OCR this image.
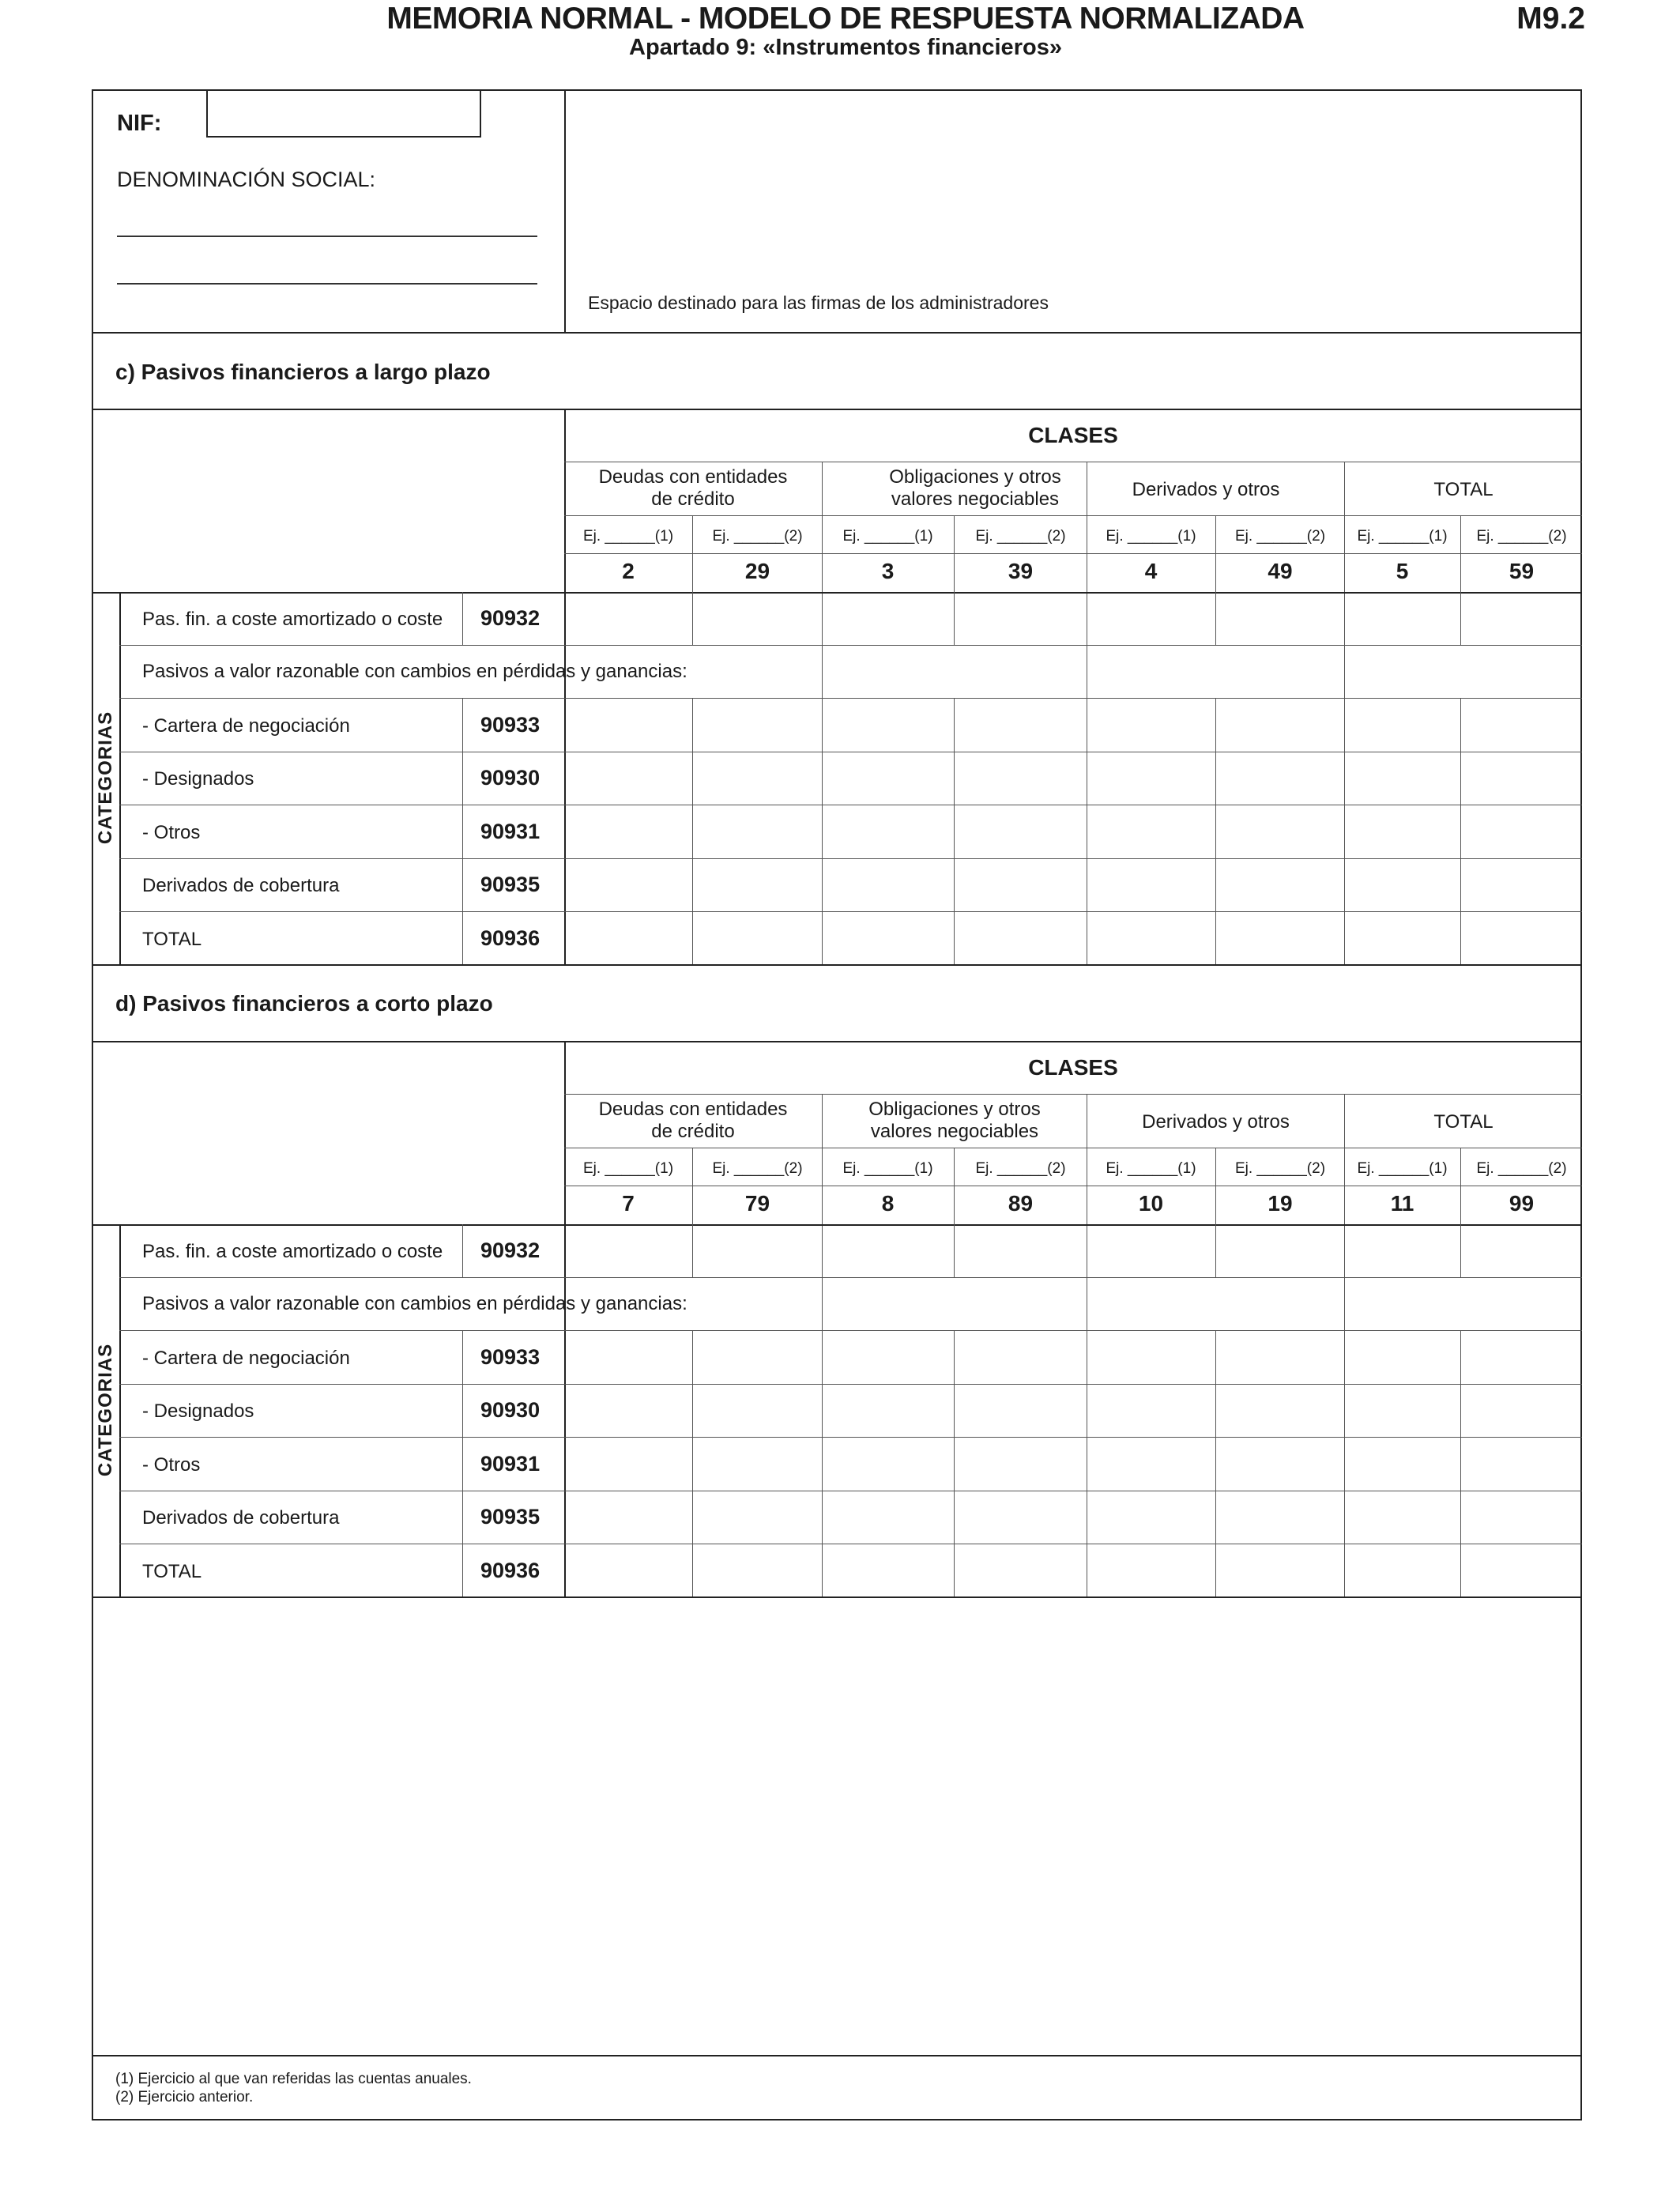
MEMORIA NORMAL - MODELO DE RESPUESTA NORMALIZADA
Apartado 9: «Instrumentos financieros»
M9.2
NIF:
DENOMINACIÓN SOCIAL:
Espacio destinado para las firmas de los administradores
c) Pasivos financieros a largo plazo
CLASES
Deudas con entidades
de crédito
Obligaciones y otros
valores negociables	Derivados y otros	TOTAL
Ej. ______(1)	Ej. ______(2)	Ej. ______(1)	Ej. ______(2)	Ej. ______(1)	Ej. ______(2)	Ej. ______(1)	Ej. ______(2)
2	29	3	39	4	49	5	59
CATEGORIAS
Pas. fin. a coste amortizado o coste 90932
Pasivos a valor razonable con cambios en pérdidas y ganancias:
- Cartera de negociación	90933
- Designados	90930
- Otros	90931
Derivados de cobertura	90935
TOTAL	90936
d) Pasivos financieros a corto plazo
CLASES
Deudas con entidades
de crédito
Obligaciones y otros
valores negociables	Derivados y otros	TOTAL
Ej. ______(1)	Ej. ______(2)	Ej. ______(1)	Ej. ______(2)	Ej. ______(1)	Ej. ______(2)	Ej. ______(1)	Ej. ______(2)
7	79	8	89	10	19	11	99
CATEGORIAS
Pas. fin. a coste amortizado o coste 90932
Pasivos a valor razonable con cambios en pérdidas y ganancias:
- Cartera de negociación	90933
- Designados	90930
- Otros	90931
Derivados de cobertura	90935
TOTAL	90936
(1) Ejercicio al que van referidas las cuentas anuales.
(2) Ejercicio anterior.
